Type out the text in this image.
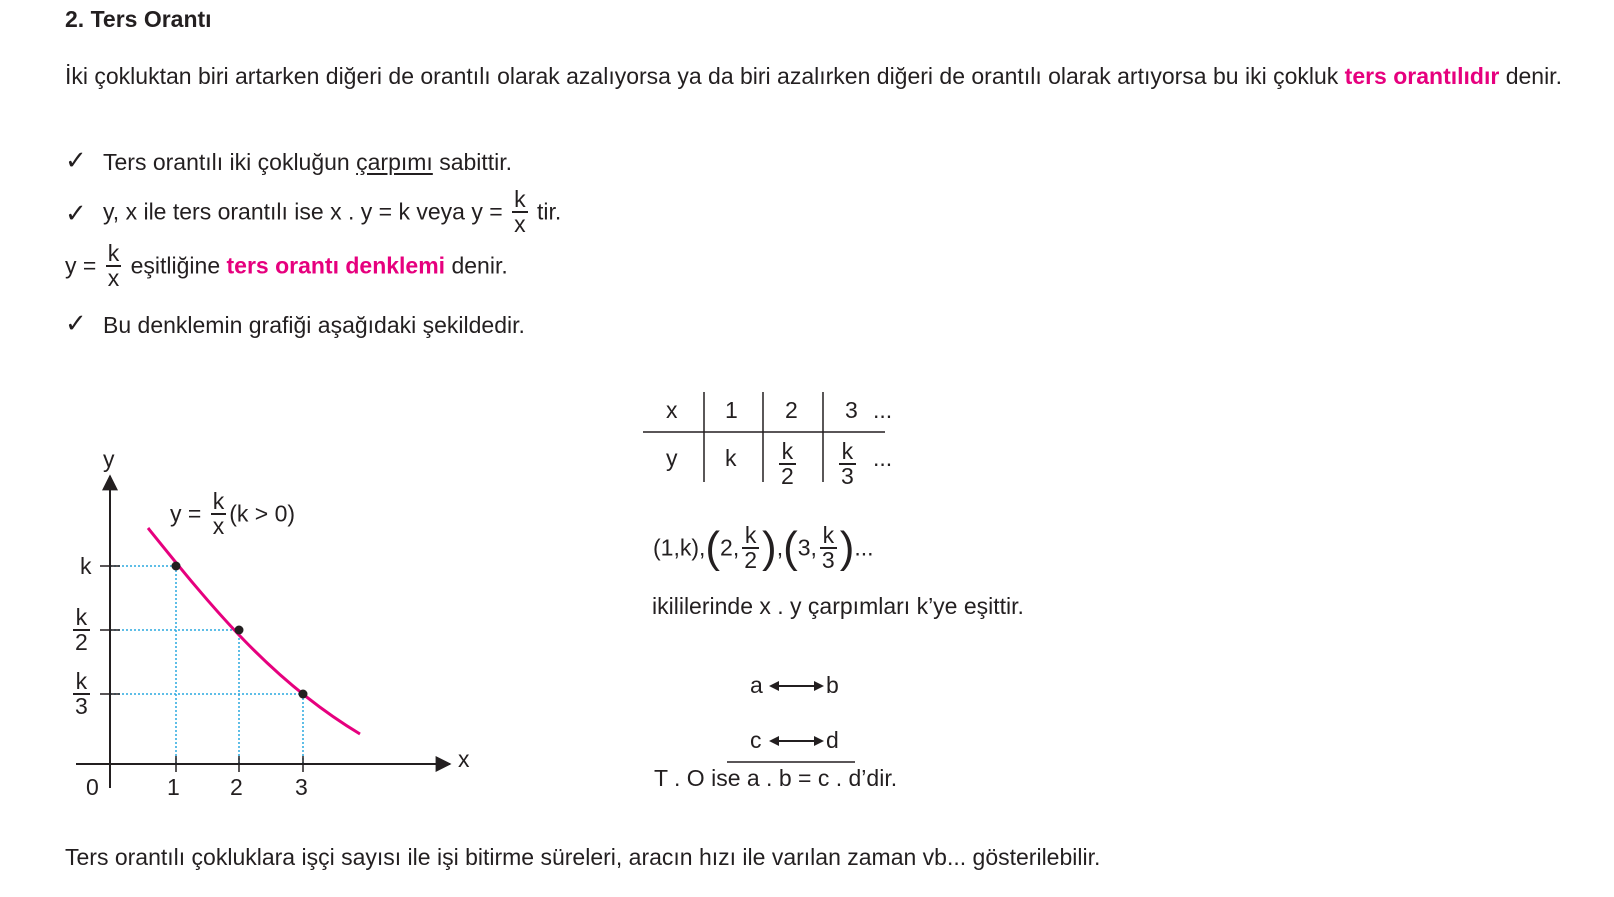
2. Ters Orantı
İki çokluktan biri artarken diğeri de orantılı olarak azalıyorsa ya da biri azalırken diğeri de orantılı olarak artıyorsa bu iki çokluk ters orantılıdır denir.
✓ Ters orantılı iki çokluğun çarpımı sabittir.
✓ y, x ile ters orantılı ise x . y = k veya $y = \frac{k}{x}$ tir.
$y = \frac{k}{x}$ eşitliğine ters orantı denklemi denir.
✓ Bu denklemin grafiği aşağıdaki şekildedir.
y
x
0	1 2 3
k
$\frac{k}{2}$
$\frac{k}{3}$
$y = \frac{k}{x} (k > 0)$
x 1 2 3 ...
y k $\frac{k}{2} \frac{k}{3}$ ...
(1,k),(2, $\frac{k}{2} ),(3$, $\frac{k}{3}$ )...
ikililerinde x . y çarpımları k’ye eşittir.
a	b
c	d
T . O ise a . b = c . d’dir.
Ters orantılı çokluklara işçi sayısı ile işi bitirme süreleri, aracın hızı ile varılan zaman vb... gösterilebilir.
